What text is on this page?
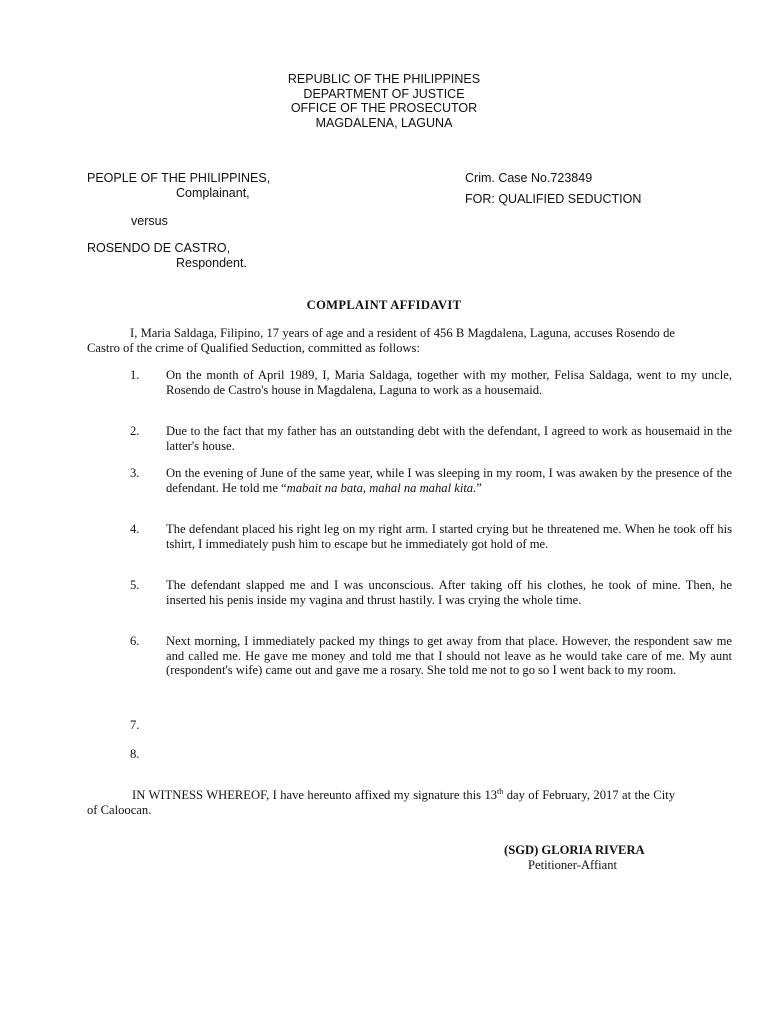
REPUBLIC OF THE PHILIPPINES
DEPARTMENT OF JUSTICE
OFFICE OF THE PROSECUTOR
MAGDALENA, LAGUNA
PEOPLE OF THE PHILIPPINES,
Complainant,
Crim. Case No.723849
FOR: QUALIFIED SEDUCTION
versus
ROSENDO DE CASTRO,
Respondent.
COMPLAINT AFFIDAVIT
I, Maria Saldaga, Filipino, 17 years of age and a resident of 456 B Magdalena, Laguna, accuses Rosendo de Castro of the crime of Qualified Seduction, committed as follows:
1. On the month of April 1989, I, Maria Saldaga, together with my mother, Felisa Saldaga, went to my uncle, Rosendo de Castro's house in Magdalena, Laguna to work as a housemaid.
2. Due to the fact that my father has an outstanding debt with the defendant, I agreed to work as housemaid in the latter's house.
3. On the evening of June of the same year, while I was sleeping in my room, I was awaken by the presence of the defendant. He told me “mabait na bata, mahal na mahal kita.”
4. The defendant placed his right leg on my right arm. I started crying but he threatened me. When he took off his tshirt, I immediately push him to escape but he immediately got hold of me.
5. The defendant slapped me and I was unconscious. After taking off his clothes, he took of mine. Then, he inserted his penis inside my vagina and thrust hastily. I was crying the whole time.
6. Next morning, I immediately packed my things to get away from that place. However, the respondent saw me and called me. He gave me money and told me that I should not leave as he would take care of me. My aunt (respondent's wife) came out and gave me a rosary. She told me not to go so I went back to my room.
7.
8.
IN WITNESS WHEREOF, I have hereunto affixed my signature this 13th day of February, 2017 at the City of Caloocan.
(SGD) GLORIA RIVERA
Petitioner-Affiant
